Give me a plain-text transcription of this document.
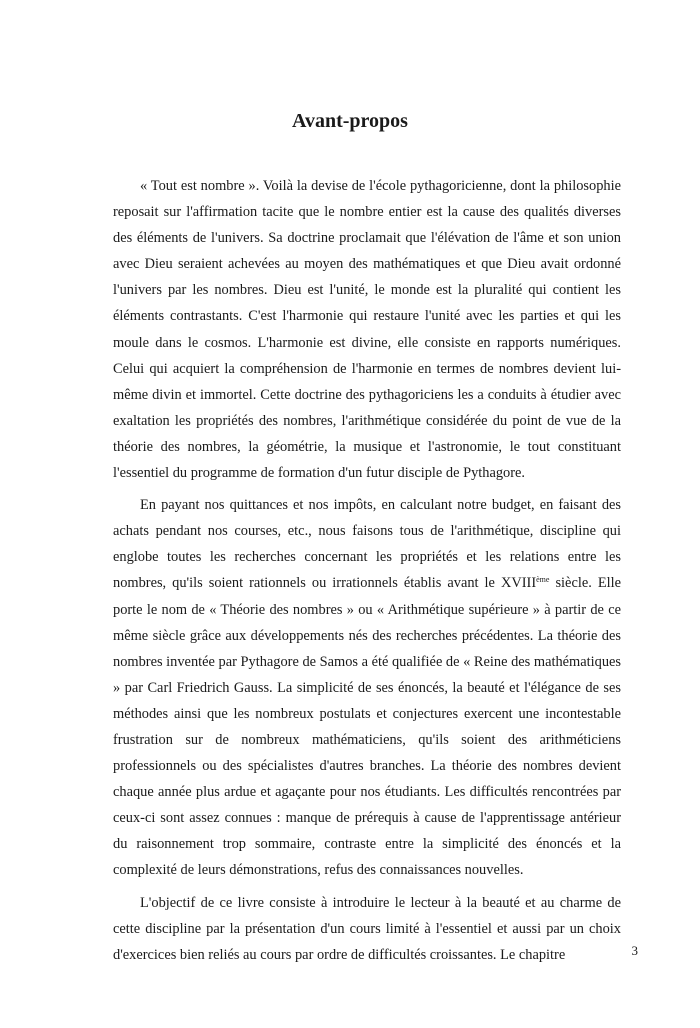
Avant-propos

« Tout est nombre ». Voilà la devise de l'école pythagoricienne, dont la philosophie reposait sur l'affirmation tacite que le nombre entier est la cause des qualités diverses des éléments de l'univers. Sa doctrine proclamait que l'élévation de l'âme et son union avec Dieu seraient achevées au moyen des mathématiques et que Dieu avait ordonné l'univers par les nombres. Dieu est l'unité, le monde est la pluralité qui contient les éléments contrastants. C'est l'harmonie qui restaure l'unité avec les parties et qui les moule dans le cosmos. L'harmonie est divine, elle consiste en rapports numériques. Celui qui acquiert la compréhension de l'harmonie en termes de nombres devient lui-même divin et immortel. Cette doctrine des pythagoriciens les a conduits à étudier avec exaltation les propriétés des nombres, l'arithmétique considérée du point de vue de la théorie des nombres, la géométrie, la musique et l'astronomie, le tout constituant l'essentiel du programme de formation d'un futur disciple de Pythagore.

En payant nos quittances et nos impôts, en calculant notre budget, en faisant des achats pendant nos courses, etc., nous faisons tous de l'arithmétique, discipline qui englobe toutes les recherches concernant les propriétés et les relations entre les nombres, qu'ils soient rationnels ou irrationnels établis avant le XVIIIème siècle. Elle porte le nom de « Théorie des nombres » ou « Arithmétique supérieure » à partir de ce même siècle grâce aux développements nés des recherches précédentes. La théorie des nombres inventée par Pythagore de Samos a été qualifiée de « Reine des mathématiques » par Carl Friedrich Gauss. La simplicité de ses énoncés, la beauté et l'élégance de ses méthodes ainsi que les nombreux postulats et conjectures exercent une incontestable frustration sur de nombreux mathématiciens, qu'ils soient des arithméticiens professionnels ou des spécialistes d'autres branches. La théorie des nombres devient chaque année plus ardue et agaçante pour nos étudiants. Les difficultés rencontrées par ceux-ci sont assez connues : manque de prérequis à cause de l'apprentissage antérieur du raisonnement trop sommaire, contraste entre la simplicité des énoncés et la complexité de leurs démonstrations, refus des connaissances nouvelles.

L'objectif de ce livre consiste à introduire le lecteur à la beauté et au charme de cette discipline par la présentation d'un cours limité à l'essentiel et aussi par un choix d'exercices bien reliés au cours par ordre de difficultés croissantes. Le chapitre	3
